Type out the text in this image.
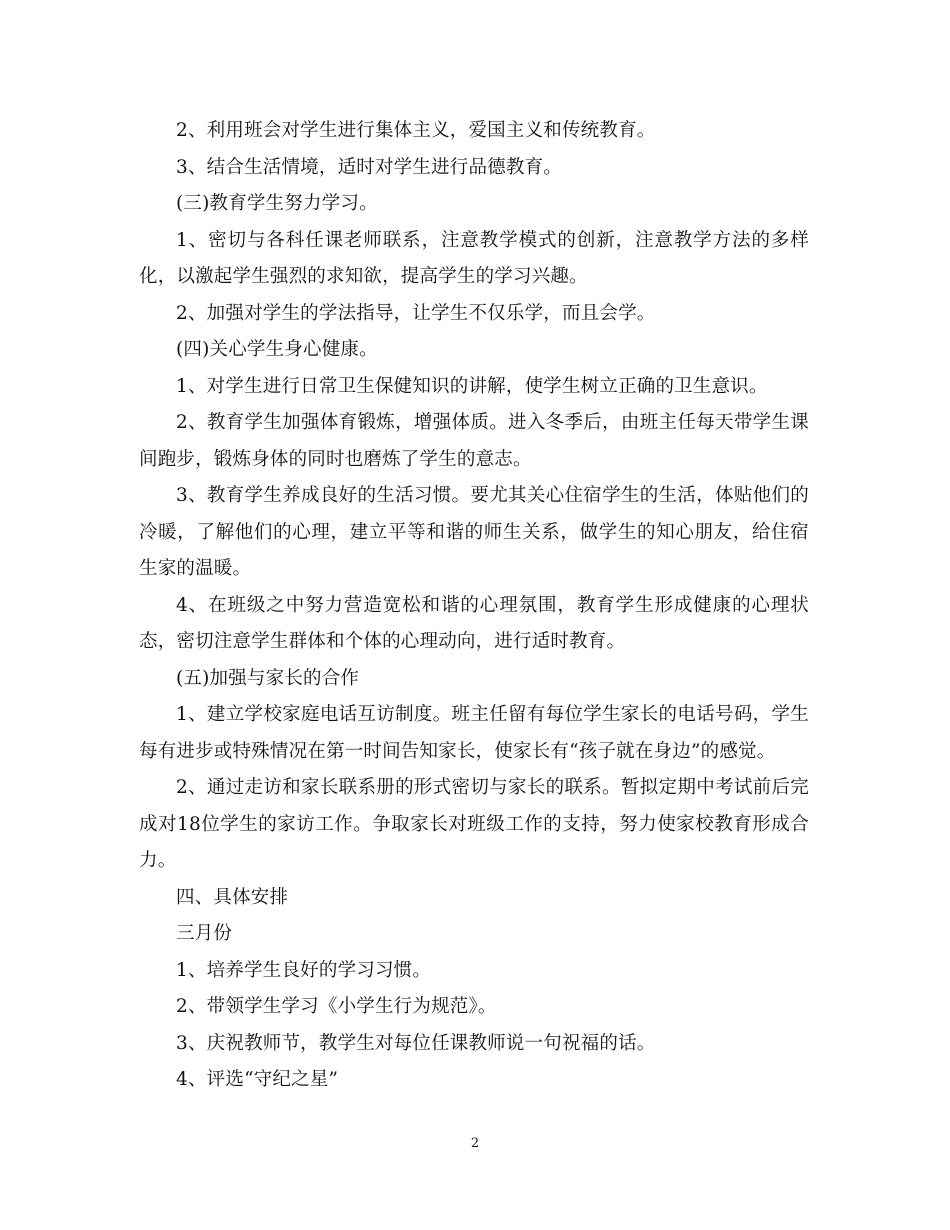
2、利用班会对学生进行集体主义，爱国主义和传统教育。

3、结合生活情境，适时对学生进行品德教育。

(三)教育学生努力学习。

1、密切与各科任课老师联系，注意教学模式的创新，注意教学方法的多样化，以激起学生强烈的求知欲，提高学生的学习兴趣。

2、加强对学生的学法指导，让学生不仅乐学，而且会学。

(四)关心学生身心健康。

1、对学生进行日常卫生保健知识的讲解，使学生树立正确的卫生意识。

2、教育学生加强体育锻炼，增强体质。进入冬季后，由班主任每天带学生课间跑步，锻炼身体的同时也磨炼了学生的意志。

3、教育学生养成良好的生活习惯。要尤其关心住宿学生的生活，体贴他们的冷暖，了解他们的心理，建立平等和谐的师生关系，做学生的知心朋友，给住宿生家的温暖。

4、在班级之中努力营造宽松和谐的心理氛围，教育学生形成健康的心理状态，密切注意学生群体和个体的心理动向，进行适时教育。

(五)加强与家长的合作

1、建立学校家庭电话互访制度。班主任留有每位学生家长的电话号码，学生每有进步或特殊情况在第一时间告知家长，使家长有“孩子就在身边”的感觉。

2、通过走访和家长联系册的形式密切与家长的联系。暂拟定期中考试前后完成对18位学生的家访工作。争取家长对班级工作的支持，努力使家校教育形成合力。

四、具体安排

三月份

1、培养学生良好的学习习惯。

2、带领学生学习《小学生行为规范》。

3、庆祝教师节，教学生对每位任课教师说一句祝福的话。

4、评选“守纪之星”

2
